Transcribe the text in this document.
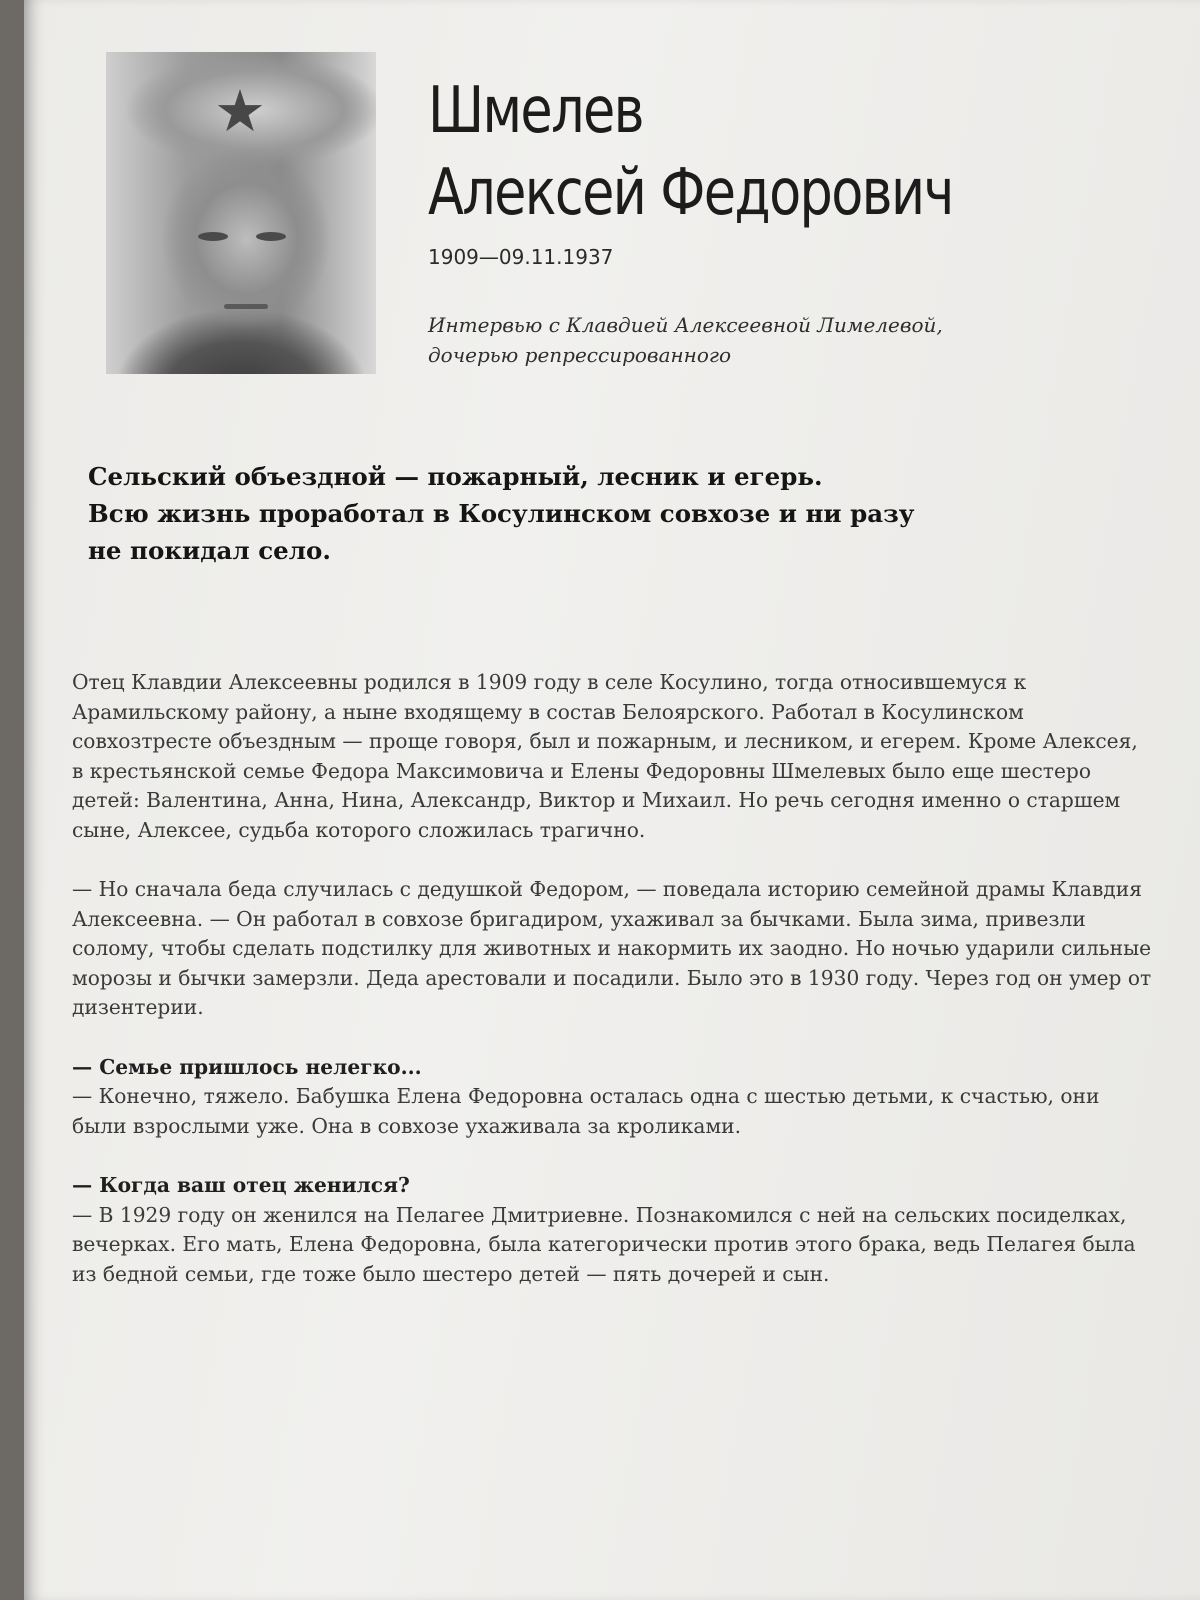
★	Шмелев
Алексей Федорович

1909—09.11.1937

Интервью с Клавдией Алексеевной Лимелевой,
дочерью репрессированного

Сельский объездной — пожарный, лесник и егерь.
Всю жизнь проработал в Косулинском совхозе и ни разу
не покидал село.

Отец Клавдии Алексеевны родился в 1909 году в селе Косулино, тогда относившемуся к Арамильскому району, а ныне входящему в состав Белоярского. Работал в Косулинском совхозтресте объездным — проще говоря, был и пожарным, и лесником, и егерем. Кроме Алексея, в крестьянской семье Федора Максимовича и Елены Федоровны Шмелевых было еще шестеро детей: Валентина, Анна, Нина, Александр, Виктор и Михаил. Но речь сегодня именно о старшем сыне, Алексее, судьба которого сложилась трагично.

— Но сначала беда случилась с дедушкой Федором, — поведала историю семейной драмы Клавдия Алексеевна. — Он работал в совхозе бригадиром, ухаживал за бычками. Была зима, привезли солому, чтобы сделать подстилку для животных и накормить их заодно. Но ночью ударили сильные морозы и бычки замерзли. Деда арестовали и посадили. Было это в 1930 году. Через год он умер от дизентерии.

— Семье пришлось нелегко...

— Конечно, тяжело. Бабушка Елена Федоровна осталась одна с шестью детьми, к счастью, они были взрослыми уже. Она в совхозе ухаживала за кроликами.

— Когда ваш отец женился?

— В 1929 году он женился на Пелагее Дмитриевне. Познакомился с ней на сельских посиделках, вечерках. Его мать, Елена Федоровна, была категорически против этого брака, ведь Пелагея была из бедной семьи, где тоже было шестеро детей — пять дочерей и сын.
